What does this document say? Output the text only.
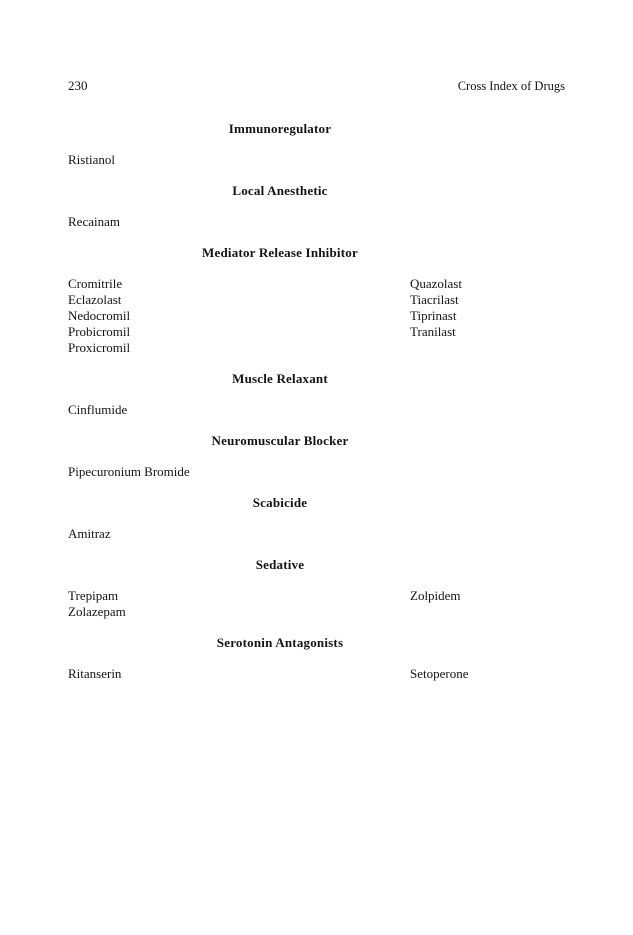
230	Cross Index of Drugs
Immunoregulator
Ristianol
Local Anesthetic
Recainam
Mediator Release Inhibitor
Cromitrile	Quazolast
Eclazolast	Tiacrilast
Nedocromil	Tiprinast
Probicromil	Tranilast
Proxicromil
Muscle Relaxant
Cinflumide
Neuromuscular Blocker
Pipecuronium Bromide
Scabicide
Amitraz
Sedative
Trepipam	Zolpidem
Zolazepam
Serotonin Antagonists
Ritanserin	Setoperone
